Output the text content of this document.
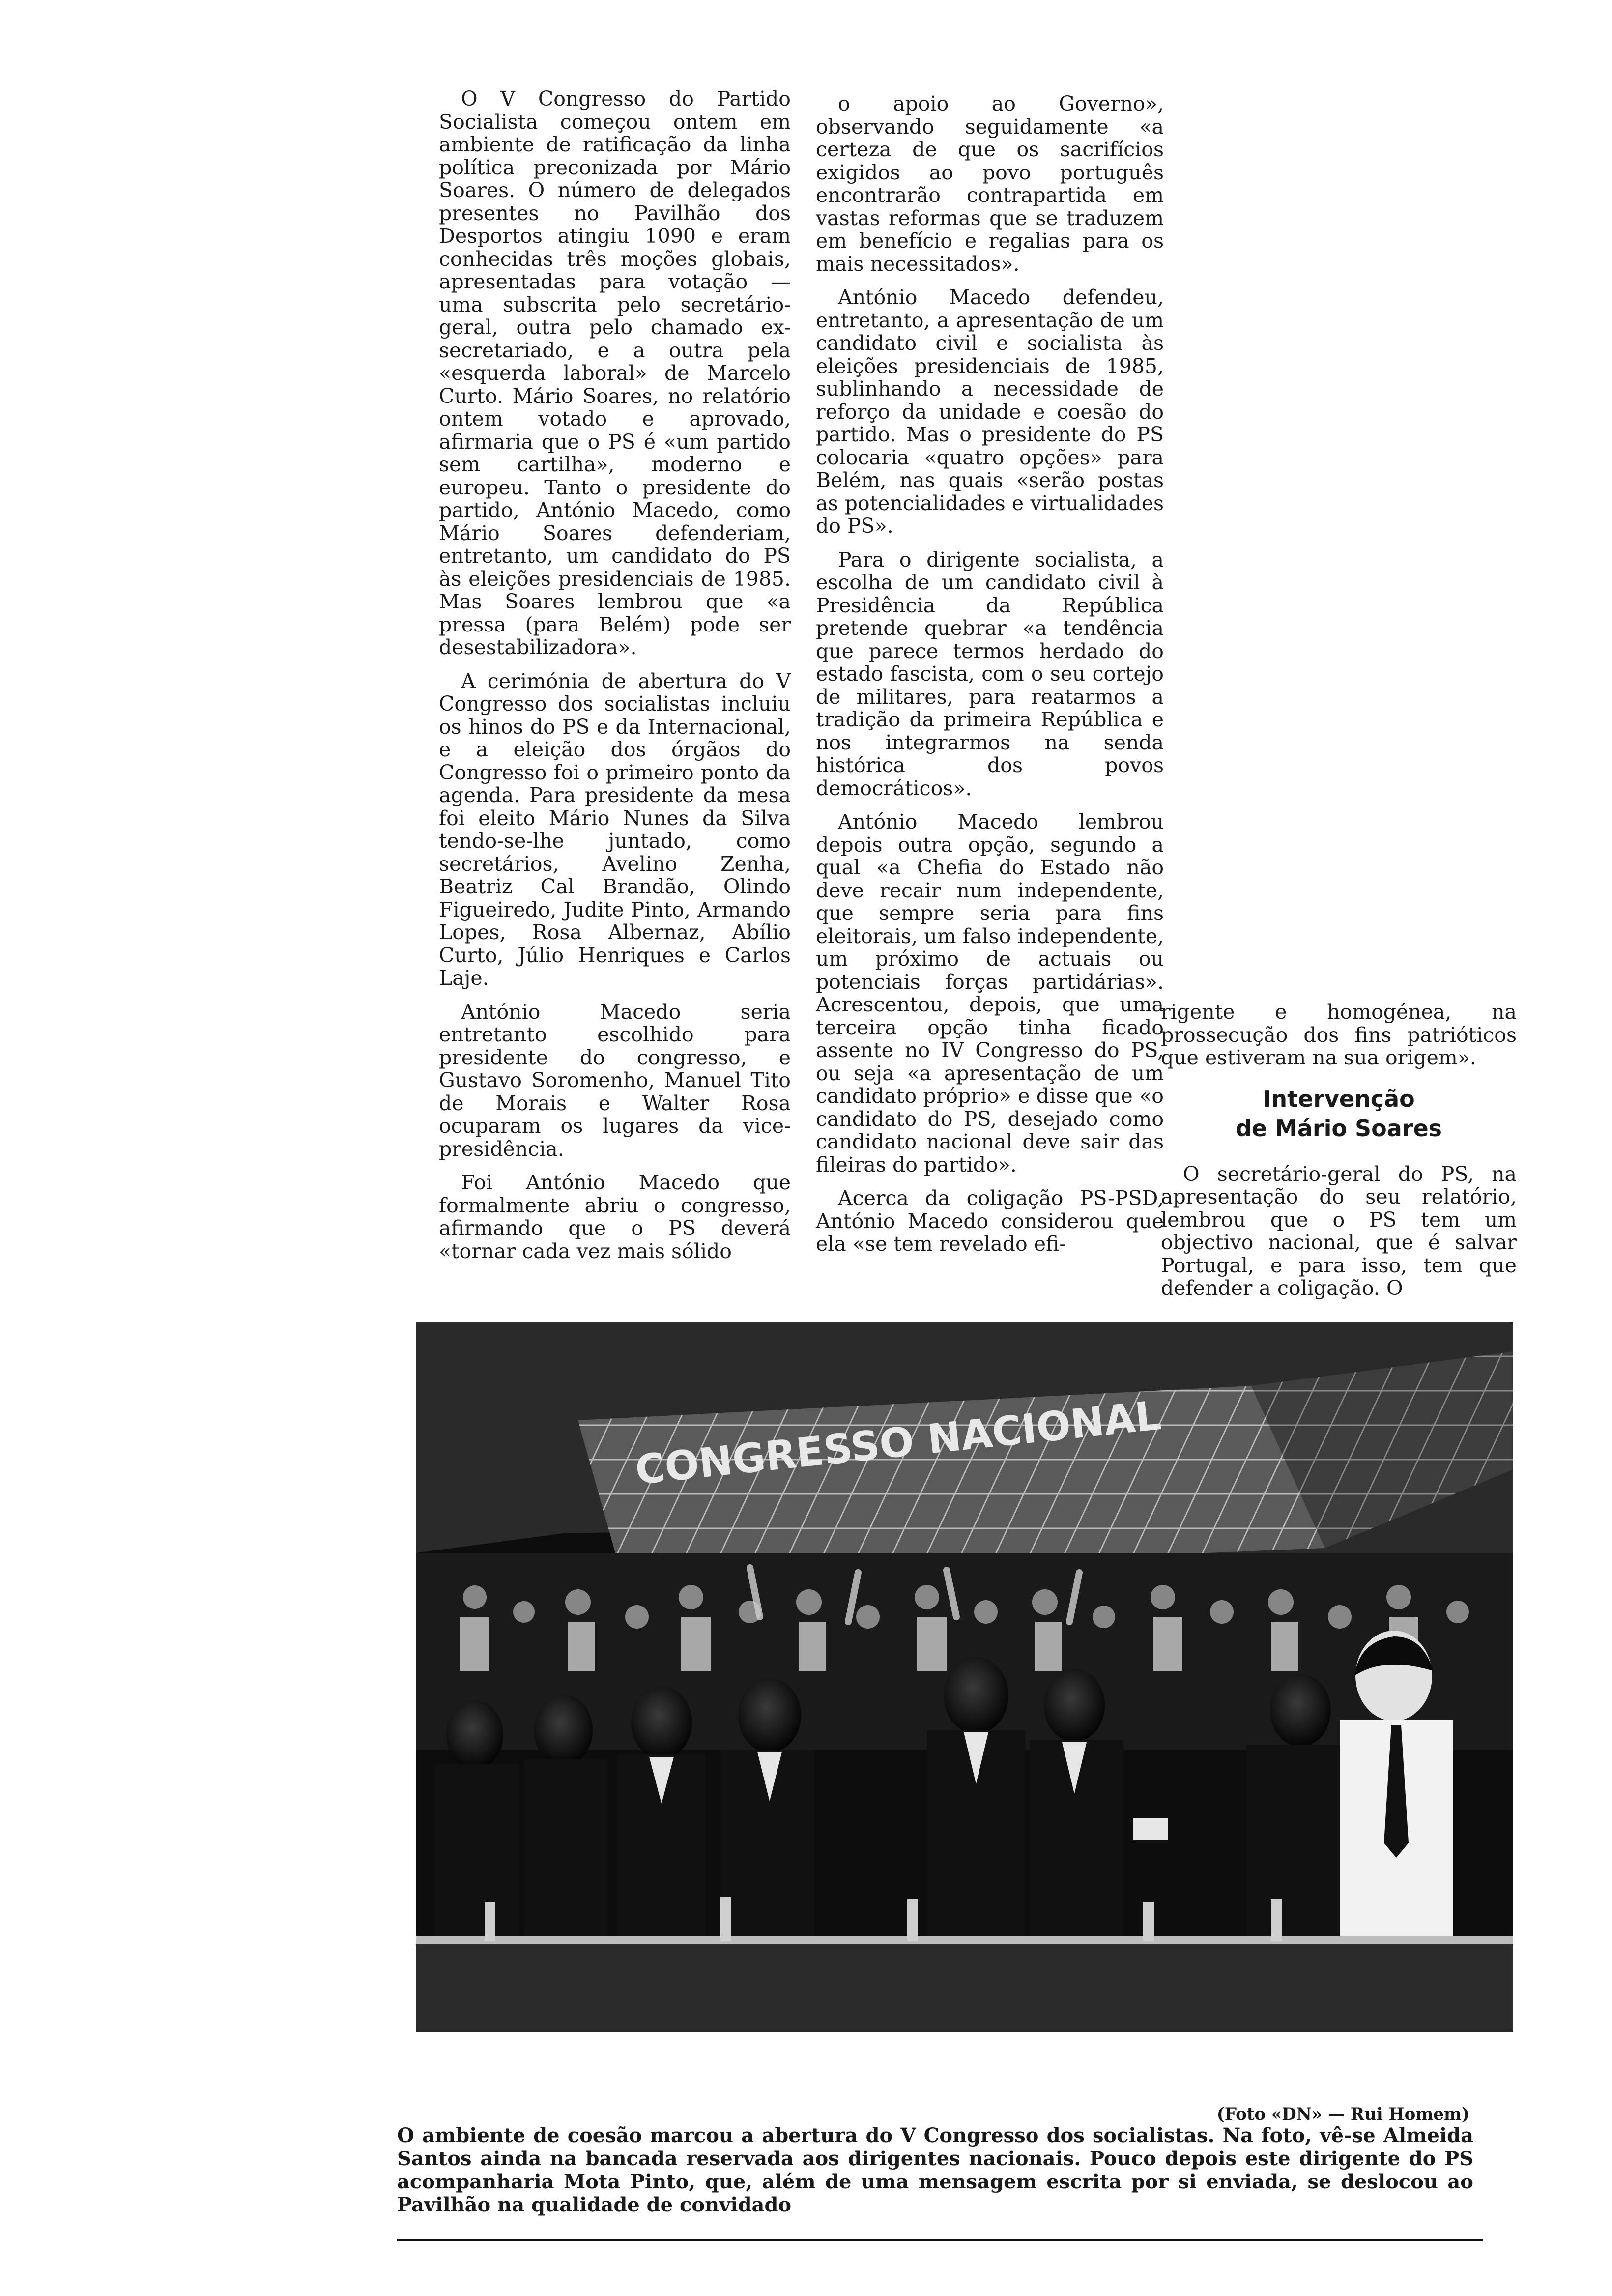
O V Congresso do Partido Socialista começou ontem em ambiente de ratificação da linha política preconizada por Mário Soares. O número de delegados presentes no Pavilhão dos Desportos atingiu 1090 e eram conhecidas três moções globais, apresentadas para votação — uma subscrita pelo secretário-geral, outra pelo chamado ex-secretariado, e a outra pela «esquerda laboral» de Marcelo Curto. Mário Soares, no relatório ontem votado e aprovado, afirmaria que o PS é «um partido sem cartilha», moderno e europeu. Tanto o presidente do partido, António Macedo, como Mário Soares defenderiam, entretanto, um candidato do PS às eleições presidenciais de 1985. Mas Soares lembrou que «a pressa (para Belém) pode ser desestabilizadora».

A cerimónia de abertura do V Congresso dos socialistas incluiu os hinos do PS e da Internacional, e a eleição dos órgãos do Congresso foi o primeiro ponto da agenda. Para presidente da mesa foi eleito Mário Nunes da Silva tendo-se-lhe juntado, como secretários, Avelino Zenha, Beatriz Cal Brandão, Olindo Figueiredo, Judite Pinto, Armando Lopes, Rosa Albernaz, Abílio Curto, Júlio Henriques e Carlos Laje.

António Macedo seria entretanto escolhido para presidente do congresso, e Gustavo Soromenho, Manuel Tito de Morais e Walter Rosa ocuparam os lugares da vice-presidência.

Foi António Macedo que formalmente abriu o congresso, afirmando que o PS deverá «tornar cada vez mais sólido

o apoio ao Governo», observando seguidamente «a certeza de que os sacrifícios exigidos ao povo português encontrarão contrapartida em vastas reformas que se traduzem em benefício e regalias para os mais necessitados».

António Macedo defendeu, entretanto, a apresentação de um candidato civil e socialista às eleições presidenciais de 1985, sublinhando a necessidade de reforço da unidade e coesão do partido. Mas o presidente do PS colocaria «quatro opções» para Belém, nas quais «serão postas as potencialidades e virtualidades do PS».

Para o dirigente socialista, a escolha de um candidato civil à Presidência da República pretende quebrar «a tendência que parece termos herdado do estado fascista, com o seu cortejo de militares, para reatarmos a tradição da primeira República e nos integrarmos na senda histórica dos povos democráticos».

António Macedo lembrou depois outra opção, segundo a qual «a Chefia do Estado não deve recair num independente, que sempre seria para fins eleitorais, um falso independente, um próximo de actuais ou potenciais forças partidárias». Acrescentou, depois, que uma terceira opção tinha ficado assente no IV Congresso do PS, ou seja «a apresentação de um candidato próprio» e disse que «o candidato do PS, desejado como candidato nacional deve sair das fileiras do partido».

Acerca da coligação PS-PSD, António Macedo considerou que ela «se tem revelado efi-

rigente e homogénea, na prossecução dos fins patrióticos que estiveram na sua origem».

Intervenção
de Mário Soares

O secretário-geral do PS, na apresentação do seu relatório, lembrou que o PS tem um objectivo nacional, que é salvar Portugal, e para isso, tem que defender a coligação. O

CONGRESSO NACIONAL
(Foto «DN» — Rui Homem)
O ambiente de coesão marcou a abertura do V Congresso dos socialistas. Na foto, vê-se Almeida Santos ainda na bancada reservada aos dirigentes nacionais. Pouco depois este dirigente do PS acompanharia Mota Pinto, que, além de uma mensagem escrita por si enviada, se deslocou ao Pavilhão na qualidade de convidado
